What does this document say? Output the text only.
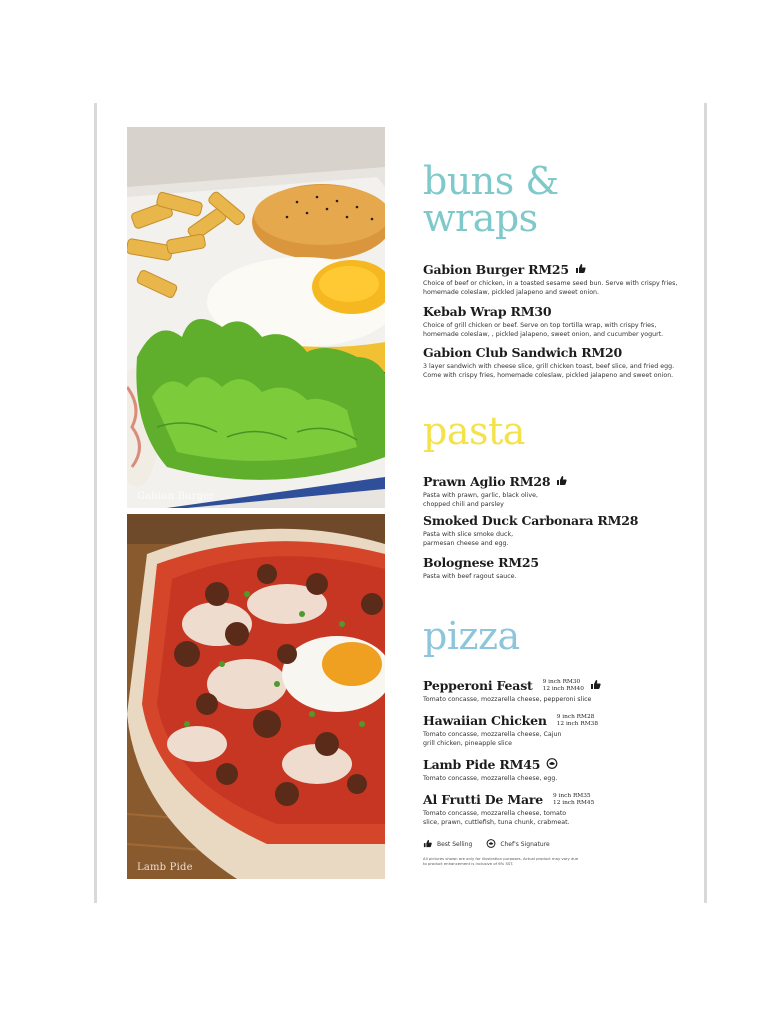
Gabion Burger
Lamb Pide
buns & wraps
Gabion Burger RM25
Choice of beef or chicken, in a toasted sesame seed bun. Serve with crispy fries, homemade coleslaw, pickled jalapeno and sweet onion.
Kebab Wrap RM30
Choice of grill chicken or beef. Serve on top tortilla wrap, with crispy fries, homemade coleslaw, , pickled jalapeno, sweet onion, and cucumber yogurt.
Gabion Club Sandwich RM20
3 layer sandwich with cheese slice, grill chicken toast, beef slice, and fried egg. Come with crispy fries, homemade coleslaw, pickled jalapeno and sweet onion.
pasta
Prawn Aglio RM28
Pasta with prawn, garlic, black olive, chopped chili and parsley
Smoked Duck Carbonara RM28
Pasta with slice smoke duck, parmesan cheese and egg.
Bolognese RM25
Pasta with beef ragout sauce.
pizza
Pepperoni Feast 9 inch RM30
12 inch RM40
Tomato concasse, mozzarella cheese, pepperoni slice
Hawaiian Chicken 9 inch RM28
12 inch RM38
Tomato concasse, mozzarella cheese, Cajun grill chicken, pineapple slice
Lamb Pide RM45
Tomato concasse, mozzarella cheese, egg.
Al Frutti De Mare 9 inch RM35
12 inch RM45
Tomato concasse, mozzarella cheese, tomato slice, prawn, cuttlefish, tuna chunk, crabmeat.
Best Selling	Chef's Signature
All pictures shown are only for illustration purposes. Actual product may vary due to product enhancement is inclusive of 6% SST.
